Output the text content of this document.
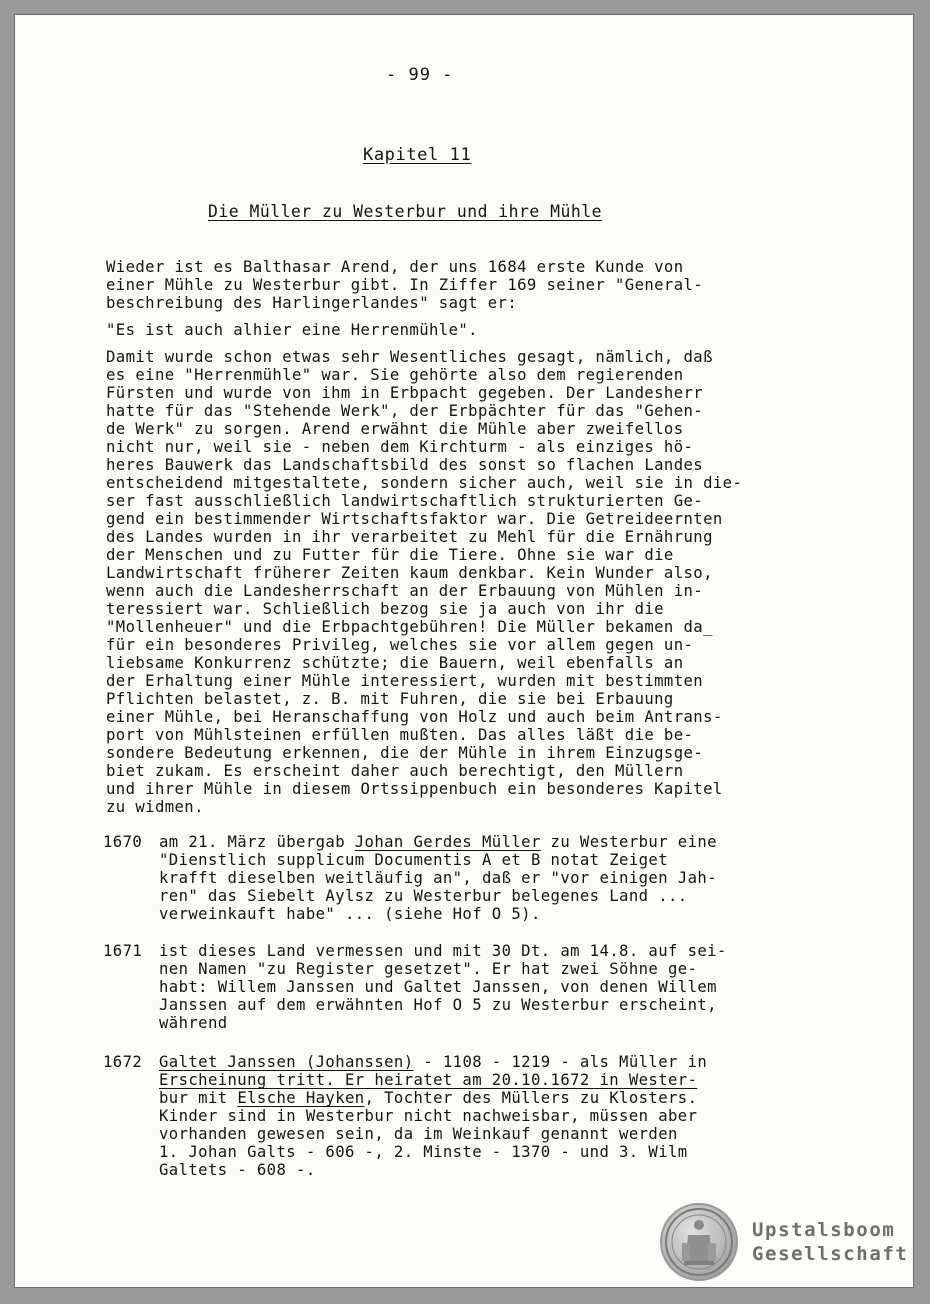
- 99 -
Kapitel 11
Die Müller zu Westerbur und ihre Mühle
Wieder ist es Balthasar Arend, der uns 1684 erste Kunde von
einer Mühle zu Westerbur gibt. In Ziffer 169 seiner "General-
beschreibung des Harlingerlandes" sagt er:
"Es ist auch alhier eine Herrenmühle".
Damit wurde schon etwas sehr Wesentliches gesagt, nämlich, daß
es eine "Herrenmühle" war. Sie gehörte also dem regierenden
Fürsten und wurde von ihm in Erbpacht gegeben. Der Landesherr
hatte für das "Stehende Werk", der Erbpächter für das "Gehen-
de Werk" zu sorgen. Arend erwähnt die Mühle aber zweifellos
nicht nur, weil sie - neben dem Kirchturm - als einziges hö-
heres Bauwerk das Landschaftsbild des sonst so flachen Landes
entscheidend mitgestaltete, sondern sicher auch, weil sie in die-
ser fast ausschließlich landwirtschaftlich strukturierten Ge-
gend ein bestimmender Wirtschaftsfaktor war. Die Getreideernten
des Landes wurden in ihr verarbeitet zu Mehl für die Ernährung
der Menschen und zu Futter für die Tiere. Ohne sie war die
Landwirtschaft früherer Zeiten kaum denkbar. Kein Wunder also,
wenn auch die Landesherrschaft an der Erbauung von Mühlen in-
teressiert war. Schließlich bezog sie ja auch von ihr die
"Mollenheuer" und die Erbpachtgebühren! Die Müller bekamen da_
für ein besonderes Privileg, welches sie vor allem gegen un-
liebsame Konkurrenz schützte; die Bauern, weil ebenfalls an
der Erhaltung einer Mühle interessiert, wurden mit bestimmten
Pflichten belastet, z. B. mit Fuhren, die sie bei Erbauung
einer Mühle, bei Heranschaffung von Holz und auch beim Antrans-
port von Mühlsteinen erfüllen mußten. Das alles läßt die be-
sondere Bedeutung erkennen, die der Mühle in ihrem Einzugsge-
biet zukam. Es erscheint daher auch berechtigt, den Müllern
und ihrer Mühle in diesem Ortssippenbuch ein besonderes Kapitel
zu widmen.
1670 am 21. März übergab Johan Gerdes Müller zu Westerbur eine
"Dienstlich supplicum Documentis A et B notat Zeiget
krafft dieselben weitläufig an", daß er "vor einigen Jah-
ren" das Siebelt Aylsz zu Westerbur belegenes Land ...
verweinkauft habe" ... (siehe Hof O 5).
1671 ist dieses Land vermessen und mit 30 Dt. am 14.8. auf sei-
nen Namen "zu Register gesetzet". Er hat zwei Söhne ge-
habt: Willem Janssen und Galtet Janssen, von denen Willem
Janssen auf dem erwähnten Hof O 5 zu Westerbur erscheint,
während
1672 Galtet Janssen (Johanssen) - 1108 - 1219 - als Müller in
Erscheinung tritt. Er heiratet am 20.10.1672 in Wester-
bur mit Elsche Hayken, Tochter des Müllers zu Klosters.
Kinder sind in Westerbur nicht nachweisbar, müssen aber
vorhanden gewesen sein, da im Weinkauf genannt werden
1. Johan Galts - 606 -, 2. Minste - 1370 - und 3. Wilm
Galtets - 608 -.
Upstalsboom
Gesellschaft
